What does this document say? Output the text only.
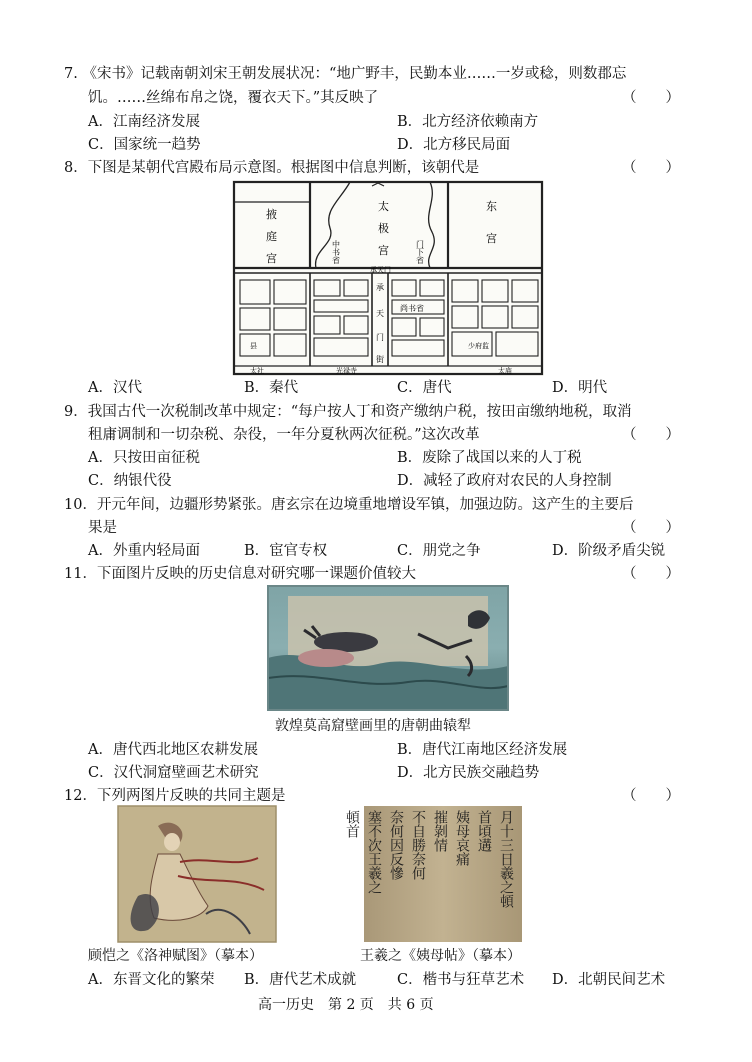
7. 《宋书》记载南朝刘宋王朝发展状况：“地广野丰，民勤本业……一岁或稔，则数郡忘
饥。……丝绵布帛之饶，覆衣天下。”其反映了	（　　）
A．江南经济发展	B．北方经济依赖南方
C．国家统一趋势	D．北方移民局面
8．下图是某朝代宫殿布局示意图。根据图中信息判断，该朝代是	（　　）
掖
庭
宫
太
极
宫
东
宫
中书省	门下省
承天门
承
天
门
街
尚书省
县	少府监
太社	光禄寺	太庙
A．汉代	B．秦代	C．唐代	D．明代
9．我国古代一次税制改革中规定：“每户按人丁和资产缴纳户税，按田亩缴纳地税，取消
租庸调制和一切杂税、杂役，一年分夏秋两次征税。”这次改革	（　　）
A．只按田亩征税	B．废除了战国以来的人丁税
C．纳银代役	D．减轻了政府对农民的人身控制
10．开元年间，边疆形势紧张。唐玄宗在边境重地增设军镇，加强边防。这产生的主要后
果是	（　　）
A．外重内轻局面	B．宦官专权	C．朋党之争	D．阶级矛盾尖锐
11．下面图片反映的历史信息对研究哪一课题价值较大	（　　）
敦煌莫高窟壁画里的唐朝曲辕犁
A．唐代西北地区农耕发展	B．唐代江南地区经济发展
C．汉代洞窟壁画艺术研究	D．北方民族交融趋势
12．下列两图片反映的共同主题是	（　　）
月十三日羲之頓
首頃遘
姨母哀痛
摧剝情
不自勝奈何
奈何因反慘
塞不次王羲之
頓首
顾恺之《洛神赋图》（摹本）	王羲之《姨母帖》（摹本）
A．东晋文化的繁荣 B．唐代艺术成就	C．楷书与狂草艺术 D．北朝民间艺术
高一历史　第 2 页　共 6 页
